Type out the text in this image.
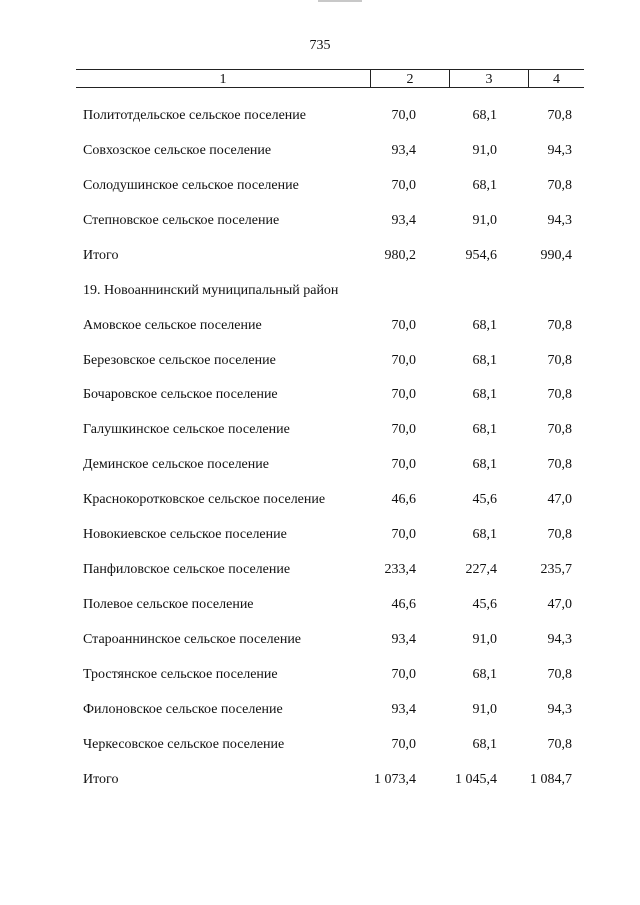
735
1	2	3	4
Политотдельское сельское поселение	70,0	68,1	70,8
Совхозское сельское поселение	93,4	91,0	94,3
Солодушинское сельское поселение	70,0	68,1	70,8
Степновское сельское поселение	93,4	91,0	94,3
Итого	980,2	954,6	990,4
19. Новоаннинский муниципальный район
Амовское сельское поселение	70,0	68,1	70,8
Березовское сельское поселение	70,0	68,1	70,8
Бочаровское сельское поселение	70,0	68,1	70,8
Галушкинское сельское поселение	70,0	68,1	70,8
Деминское сельское поселение	70,0	68,1	70,8
Краснокоротковское сельское поселение	46,6	45,6	47,0
Новокиевское сельское поселение	70,0	68,1	70,8
Панфиловское сельское поселение	233,4	227,4	235,7
Полевое сельское поселение	46,6	45,6	47,0
Староаннинское сельское поселение	93,4	91,0	94,3
Тростянское сельское поселение	70,0	68,1	70,8
Филоновское сельское поселение	93,4	91,0	94,3
Черкесовское сельское поселение	70,0	68,1	70,8
Итого	1 073,4	1 045,4	1 084,7
